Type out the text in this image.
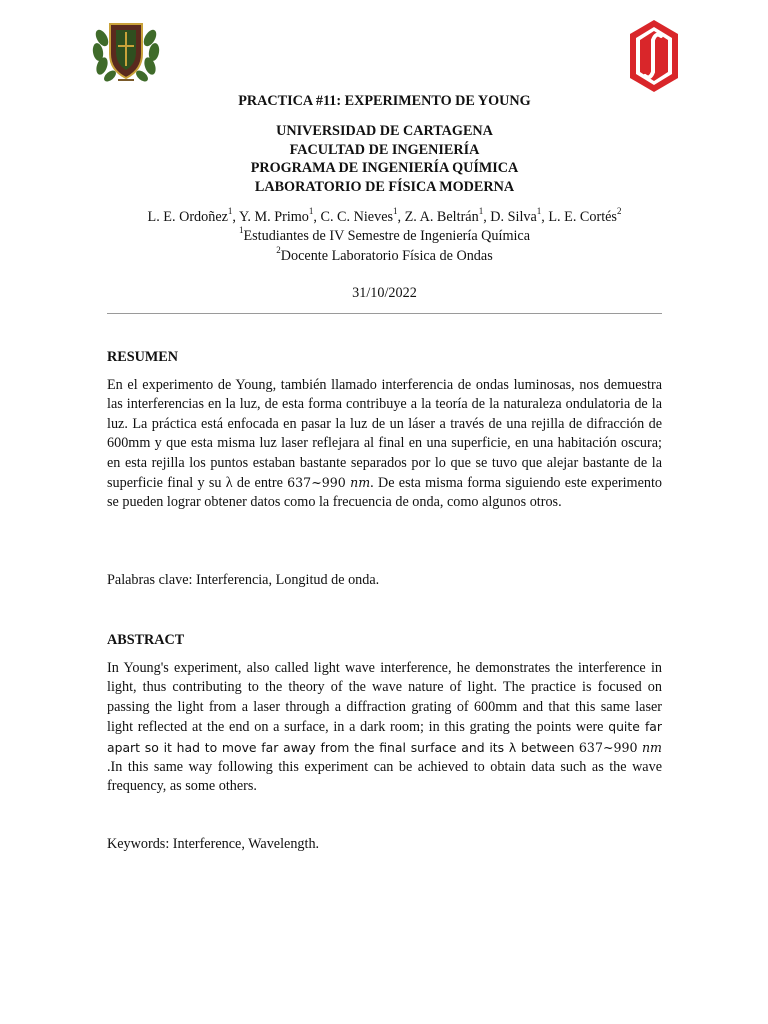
PRACTICA #11: EXPERIMENTO DE YOUNG
UNIVERSIDAD DE CARTAGENA
FACULTAD DE INGENIERÍA
PROGRAMA DE INGENIERÍA QUÍMICA
LABORATORIO DE FÍSICA MODERNA
L. E. Ordoñez$^1$, Y. M. Primo$^1$, C. C. Nieves$^1$, Z. A. Beltrán$^1$, D. Silva$^1$, L. E. Cortés$^2$
$^1$Estudiantes de IV Semestre de Ingeniería Química
$^2$Docente Laboratorio Física de Ondas
31/10/2022
RESUMEN

En el experimento de Young, también llamado interferencia de ondas luminosas, nos demuestra las interferencias en la luz, de esta forma contribuye a la teoría de la naturaleza ondulatoria de la luz. La práctica está enfocada en pasar la luz de un láser a través de una rejilla de difracción de 600mm y que esta misma luz laser reflejara al final en una superficie, en una habitación oscura; en esta rejilla los puntos estaban bastante separados por lo que se tuvo que alejar bastante de la superficie final y su λ de entre 637~990 nm. De esta misma forma siguiendo este experimento se pueden lograr obtener datos como la frecuencia de onda, como algunos otros.

Palabras clave: Interferencia, Longitud de onda.
ABSTRACT

In Young's experiment, also called light wave interference, he demonstrates the interference in light, thus contributing to the theory of the wave nature of light. The practice is focused on passing the light from a laser through a diffraction grating of 600mm and that this same laser light reflected at the end on a surface, in a dark room; in this grating the points were quite far apart so it had to move far away from the final surface and its λ between 637~990 nm .In this same way following this experiment can be achieved to obtain data such as the wave frequency, as some others.

Keywords: Interference, Wavelength.
